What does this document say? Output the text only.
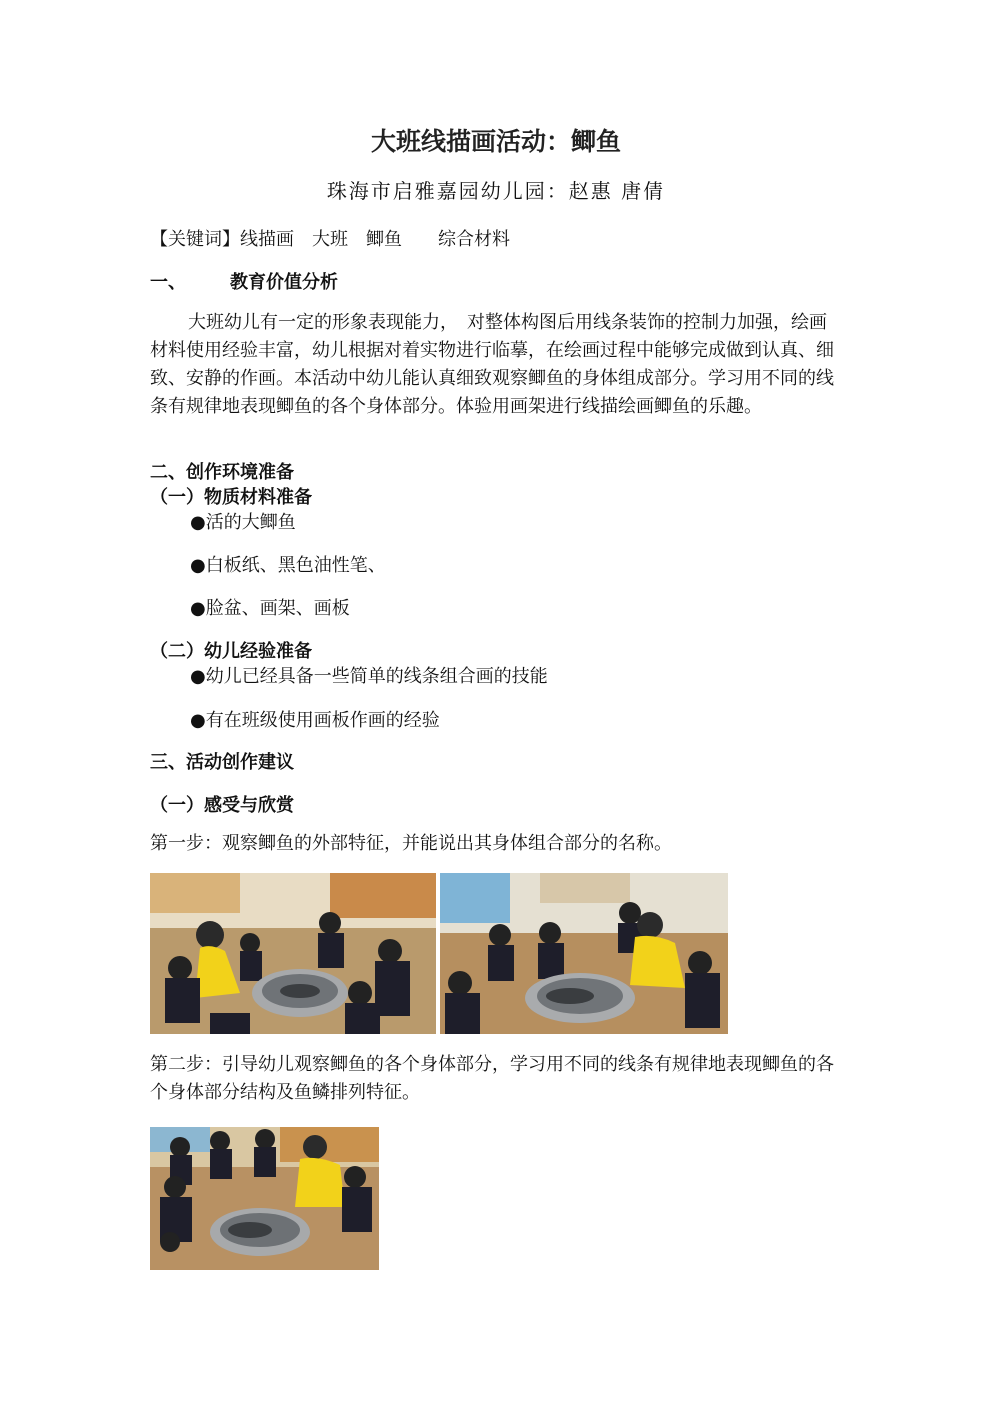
大班线描画活动：鲫鱼
珠海市启雅嘉园幼儿园：赵惠 唐倩
【关键词】线描画　大班　鲫鱼　　综合材料
一、 教育价值分析
大班幼儿有一定的形象表现能力，　对整体构图后用线条装饰的控制力加强，绘画材料使用经验丰富，幼儿根据对着实物进行临摹，在绘画过程中能够完成做到认真、细致、安静的作画。本活动中幼儿能认真细致观察鲫鱼的身体组成部分。学习用不同的线条有规律地表现鲫鱼的各个身体部分。体验用画架进行线描绘画鲫鱼的乐趣。
二、创作环境准备
（一）物质材料准备
●活的大鲫鱼
●白板纸、黑色油性笔、
●脸盆、画架、画板
（二）幼儿经验准备
●幼儿已经具备一些简单的线条组合画的技能
●有在班级使用画板作画的经验
三、活动创作建议
（一）感受与欣赏
第一步：观察鲫鱼的外部特征，并能说出其身体组合部分的名称。
第二步：引导幼儿观察鲫鱼的各个身体部分，学习用不同的线条有规律地表现鲫鱼的各个身体部分结构及鱼鳞排列特征。
